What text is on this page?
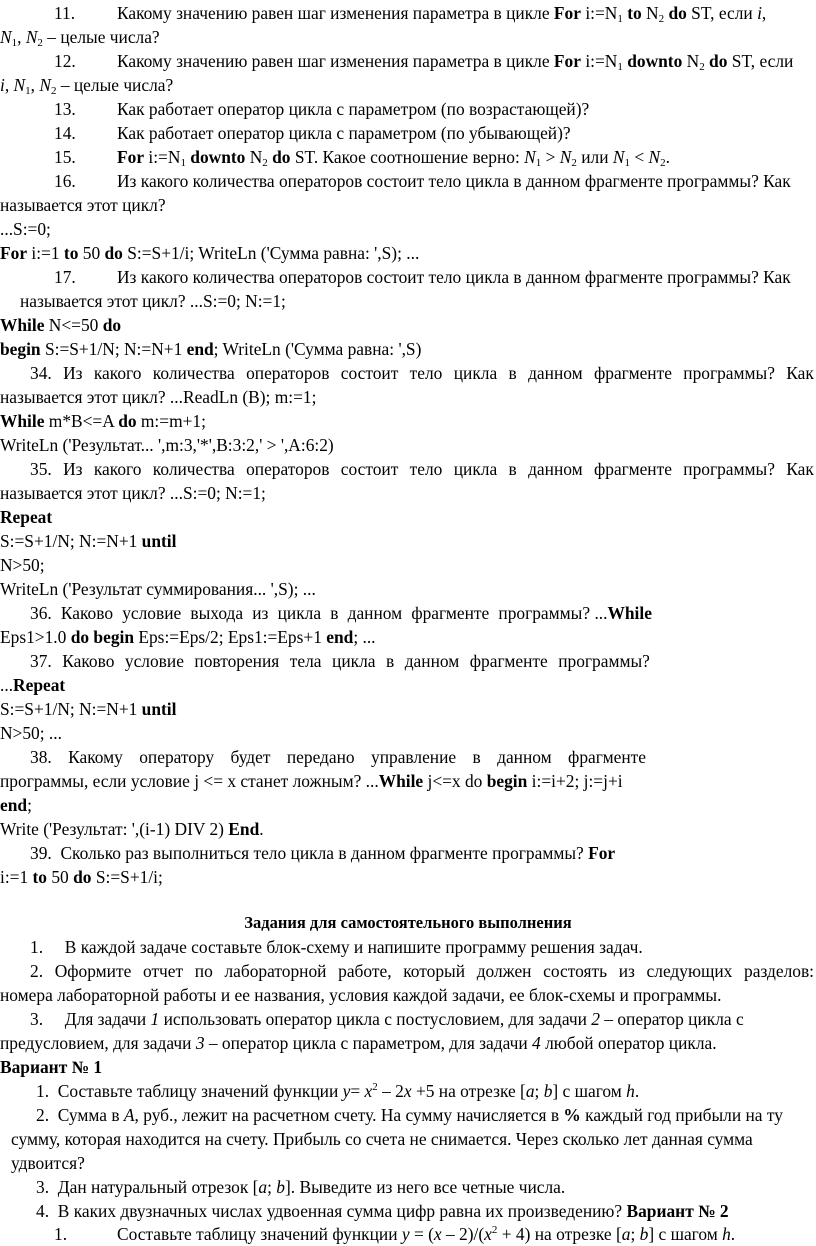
11. Какому значению равен шаг изменения параметра в цикле For $i:=N_1$ to $N_2$ do ST, если i,
$N_1$, $N_2$ – целые числа?
12. Какому значению равен шаг изменения параметра в цикле For $i:=N_1$ downto $N_2$ do ST, если
i, $N_1$, $N_2$ – целые числа?
13. Как работает оператор цикла с параметром (по возрастающей)?
14. Как работает оператор цикла с параметром (по убывающей)?
15. For $i:=N_1$ downto $N_2$ do ST. Какое соотношение верно: $N_1 > N_2$ или $N_1 < N_2$.
16. Из какого количества операторов состоит тело цикла в данном фрагменте программы? Как
называется этот цикл?
...S:=0;
For i:=1 to 50 do S:=S+1/i; WriteLn ('Сумма равна: ',S); ...
17. Из какого количества операторов состоит тело цикла в данном фрагменте программы? Как
называется этот цикл? ...S:=0; N:=1;
While N<=50 do
begin S:=S+1/N; N:=N+1 end; WriteLn ('Сумма равна: ',S)
34. Из какого количества операторов состоит тело цикла в данном фрагменте программы? Как
называется этот цикл? ...ReadLn (B); m:=1;
While m*B<=A do m:=m+1;
WriteLn ('Результат... ',m:3,'*',B:3:2,' > ',A:6:2)
35. Из какого количества операторов состоит тело цикла в данном фрагменте программы? Как
называется этот цикл? ...S:=0; N:=1;
Repeat
S:=S+1/N; N:=N+1 until
N>50;
WriteLn ('Результат суммирования... ',S); ...
36. Каково условие выхода из цикла в данном фрагменте программы? ...While
Eps1>1.0 do begin Eps:=Eps/2; Eps1:=Eps+1 end; ...
37. Каково условие повторения тела цикла в данном фрагменте программы?
...Repeat
S:=S+1/N; N:=N+1 until
N>50; ...
38. Какому оператору будет передано управление в данном фрагменте
программы, если условие j <= x станет ложным? ...While j<=x do begin i:=i+2; j:=j+i
end;
Write ('Результат: ',(i-1) DIV 2) End.
39. Сколько раз выполниться тело цикла в данном фрагменте программы? For
i:=1 to 50 do S:=S+1/i;
Задания для самостоятельного выполнения
1. В каждой задаче составьте блок-схему и напишите программу решения задач.
2. Оформите отчет по лабораторной работе, который должен состоять из следующих разделов:
номера лабораторной работы и ее названия, условия каждой задачи, ее блок-схемы и программы.
3. Для задачи 1 использовать оператор цикла с постусловием, для задачи 2 – оператор цикла с
предусловием, для задачи 3 – оператор цикла с параметром, для задачи 4 любой оператор цикла.
Вариант № 1
1. Составьте таблицу значений функции $y= x^2 - 2x +5$ на отрезке [a; b] с шагом h.
2. Сумма в A, руб., лежит на расчетном счету. На сумму начисляется в % каждый год прибыли на ту
сумму, которая находится на счету. Прибыль со счета не снимается. Через сколько лет данная сумма
удвоится?
3. Дан натуральный отрезок [a; b]. Выведите из него все четные числа.
4. В каких двузначных числах удвоенная сумма цифр равна их произведению? Вариант № 2
1.	Составьте таблицу значений функции $y = (x - 2)/(x^2 + 4)$ на отрезке [a; b] с шагом h.
